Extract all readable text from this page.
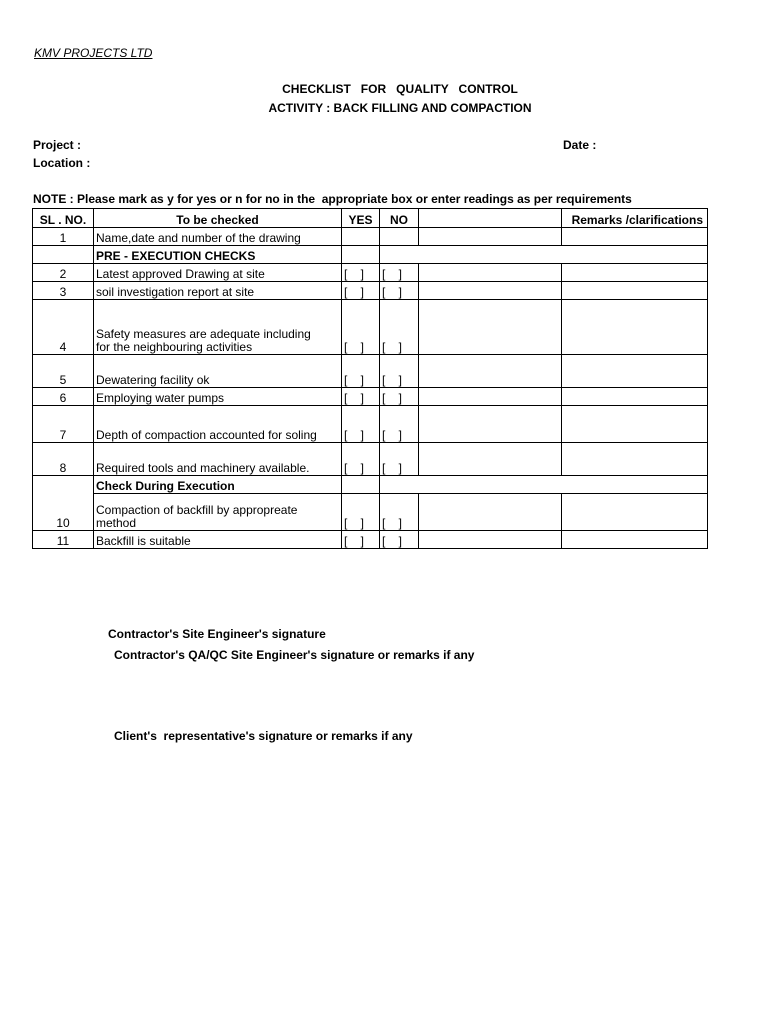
KMV PROJECTS LTD
CHECKLIST   FOR   QUALITY   CONTROL
ACTIVITY : BACK FILLING AND COMPACTION
Project :
Location :
Date :
NOTE : Please mark as y for yes or n for no in the  appropriate box or enter readings as per requirements
SL . NO.	To be checked	YES	NO		Remarks /clarifications
1	Name,date and number of the drawing				
	PRE - EXECUTION CHECKS				
2	Latest approved Drawing at site	[    ]	[    ]		
3	soil investigation report at site	[    ]	[    ]		
4	Safety measures are adequate including
for the neighbouring activities	[    ]	[    ]		
5	Dewatering facility ok	[    ]	[    ]		
6	Employing water pumps	[    ]	[    ]		
7	Depth of compaction accounted for soling	[    ]	[    ]		
8	Required tools and machinery available.	[    ]	[    ]		
	Check During Execution				
10	Compaction of backfill by appropreate
method	[    ]	[    ]		
11	Backfill is suitable	[    ]	[    ]		
Contractor's Site Engineer's signature
Contractor's QA/QC Site Engineer's signature or remarks if any
Client's  representative's signature or remarks if any
